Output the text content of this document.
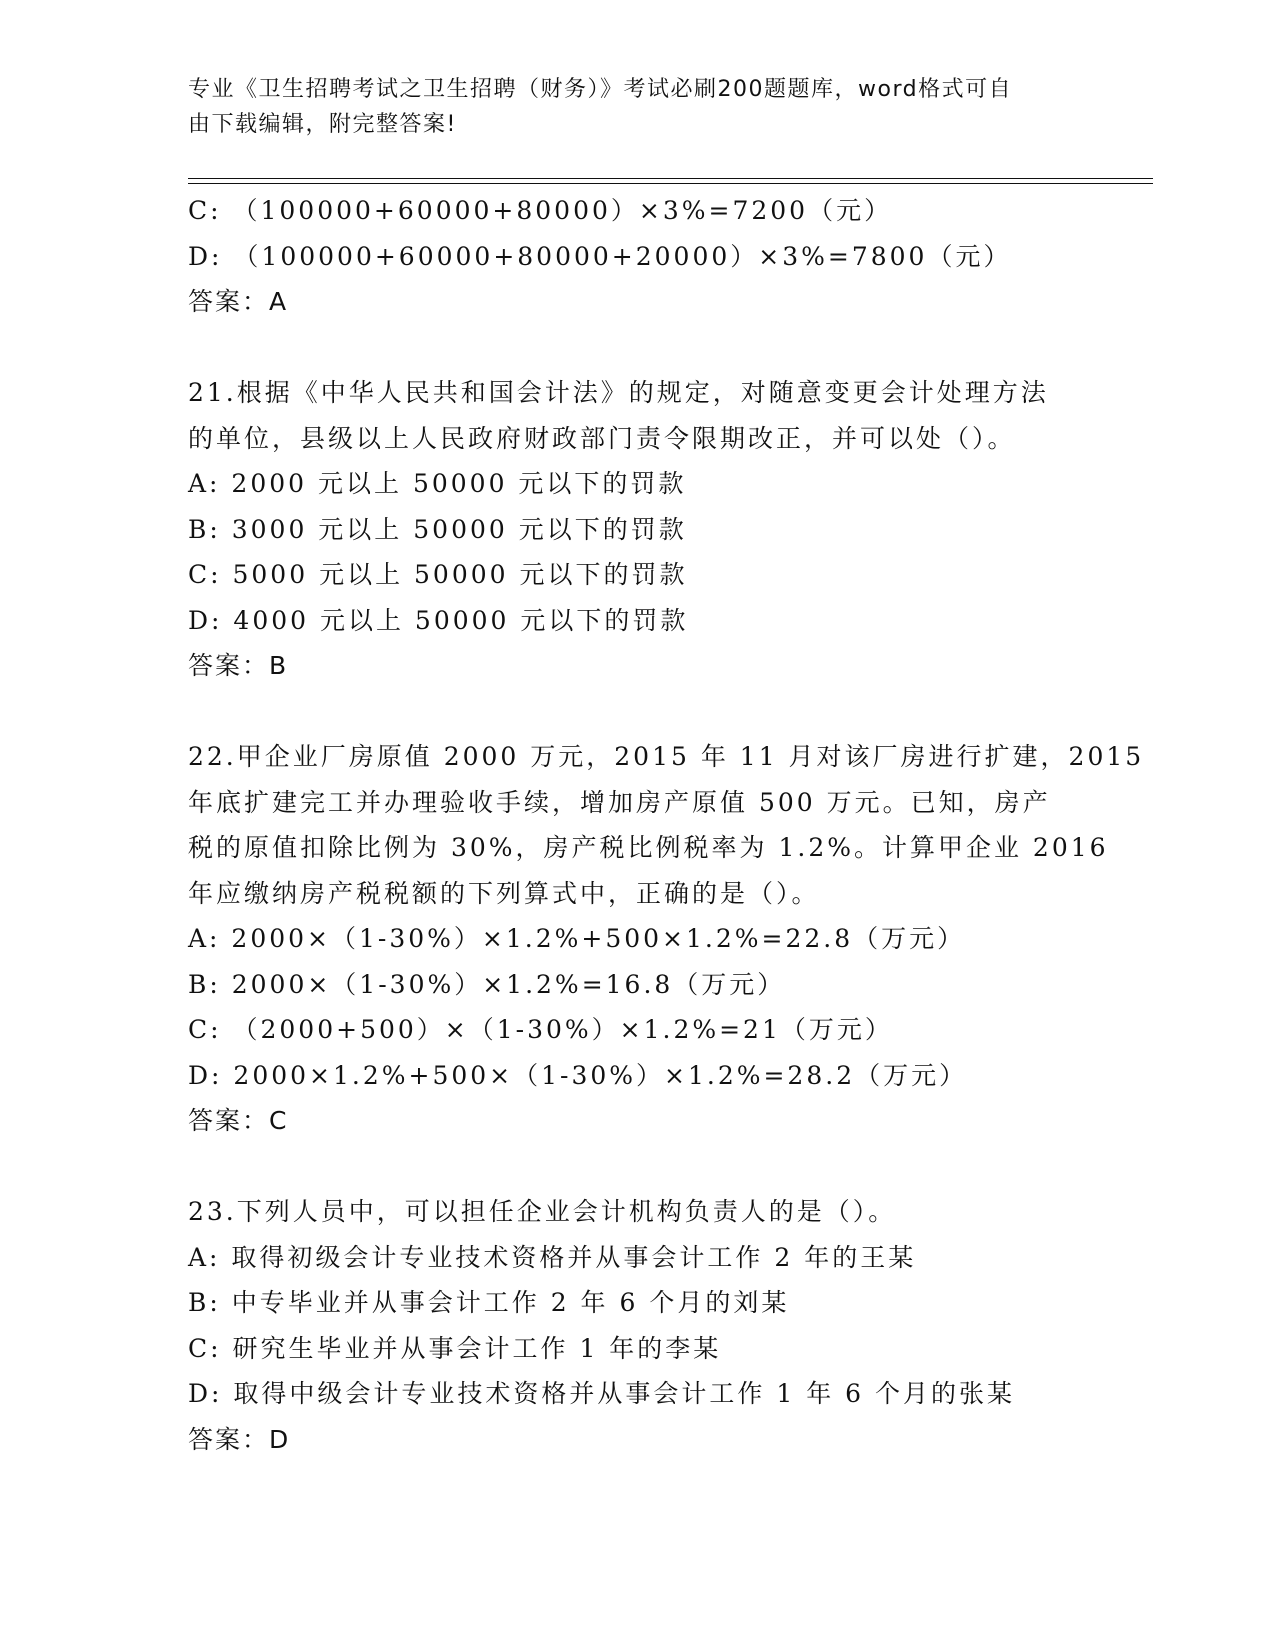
专业《卫生招聘考试之卫生招聘（财务）》考试必刷200题题库，word格式可自
由下载编辑，附完整答案!
C: （100000+60000+80000）×3%=7200（元）
D: （100000+60000+80000+20000）×3%=7800（元）
答案：A
21.根据《中华人民共和国会计法》的规定，对随意变更会计处理方法
的单位，县级以上人民政府财政部门责令限期改正，并可以处（）。
A: 2000 元以上 50000 元以下的罚款
B: 3000 元以上 50000 元以下的罚款
C: 5000 元以上 50000 元以下的罚款
D: 4000 元以上 50000 元以下的罚款
答案：B
22.甲企业厂房原值 2000 万元，2015 年 11 月对该厂房进行扩建，2015
年底扩建完工并办理验收手续，增加房产原值 500 万元。已知，房产
税的原值扣除比例为 30%，房产税比例税率为 1.2%。计算甲企业 2016
年应缴纳房产税税额的下列算式中，正确的是（）。
A: 2000×（1-30%）×1.2%+500×1.2%=22.8（万元）
B: 2000×（1-30%）×1.2%=16.8（万元）
C: （2000+500）×（1-30%）×1.2%=21（万元）
D: 2000×1.2%+500×（1-30%）×1.2%=28.2（万元）
答案：C
23.下列人员中，可以担任企业会计机构负责人的是（）。
A: 取得初级会计专业技术资格并从事会计工作 2 年的王某
B: 中专毕业并从事会计工作 2 年 6 个月的刘某
C: 研究生毕业并从事会计工作 1 年的李某
D: 取得中级会计专业技术资格并从事会计工作 1 年 6 个月的张某
答案：D
